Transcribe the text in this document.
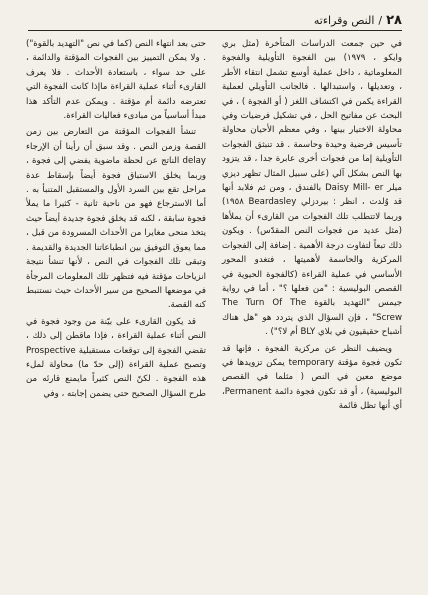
٢٨
/
النص وقراءته

في حين جمعت الدراسات المتأخرة (مثل بري وايكو ، ١٩٧٩) بين الفجوة التأويلية والفجوة المعلوماتية ، داخل عملية أوسع تشمل انتقاء الأطر ، وتعديلها ، واستبدالها . فالجانب التأويلي لعملية القراءة يكمن في اكتشاف اللغز ( أو الفجوة ) ، في البحث عن مفاتيح الحل ، في تشكيل فرضيات وفي محاولة الاختيار بينها ، وفي معظم الأحيان محاولة تأسيس فرضية وحيدة وحاسمة . قد تنبثق الفجوات التأويلية إما من فجوات أخرى عابرة جدا ، قد يتزود بها النص بشكل آلي (على سبيل المثال تظهر ديزي ميلر Daisy Mill- er بالفندق ، ومن ثم فلابد أنها قد وُلدت ، انظر : بيردزلي Beardasley ١٩٥٨) وربما لاتتطلب تلك الفجوات من القارىء أن يملأها (مثل عديد من فجوات النص المقدّس) . ويكون ذلك تبعاً لتفاوت درجة الأهمية . إضافة إلى الفجوات المركزية والحاسمة لأهميتها ، فتغدو المحور الأساسي في عملية القراءة (كالفجوة الحيوية في القصص البوليسية : "من فعلها ؟" ، أما في رواية جيمس "التهديد بالقوة The Turn Of The Screw" ، فإن السؤال الذي يتردد هو "هل هناك أشباح حقيقيون في بلاي BLY أم لا؟") .

ويضيف النظر عن مركزية الفجوة ، فإنها قد تكون فجوة مؤقتة temporary يمكن تزويدها في موضع معين في النص ( مثلما في القصص البوليسية) ، أو قد تكون فجوة دائمة Permanent، أي أنها تظل قائمة

حتى بعد انتهاء النص (كما في نص "التهديد بالقوة") . ولا يمكن التمييز بين الفجوات المؤقتة والدائمة ، على حد سواء ، باستعادة الأحداث . فلا يعرف القارىء أثناء عملية القراءة ماإذا كانت الفجوة التي تعترضه دائمة أم مؤقتة . ويمكن عدم التأكد هذا مبدأ أساسياً من مبادىء فعاليات القراءة.

تنشأ الفجوات المؤقتة من التعارض بين زمن القصة وزمن النص . وقد سبق أن رأينا أن الإرجاء delay الناتج عن لحظة ماضوية يفضي إلى فجوة ، وربما يخلق الاستباق فجوة أيضاً بإسقاط عدة مراحل تقع بين السرد الأول والمستقبل المتنبأ به . أما الاسترجاع فهو من ناحية ثانية - كثيرا ما يملأ فجوة سابقة ، لكنه قد يخلق فجوة جديدة أيضاً حيث يتخذ منحى مغايرا من الأحداث المسرودة من قبل ، مما يعوق التوفيق بين انطباعاتنا الجديدة والقديمة . وتبقى تلك الفجوات في النص ، لأنها تنشأ نتيجة انزياحات مؤقتة فيه فتظهر تلك المعلومات المرجأة في موضعها الصحيح من سير الأحداث حيث نستنبط كنه القصة.

قد يكون القارىء على بيّنة من وجود فجوة في النص أثناء عملية القراءة ، فإذا ماقطن إلى ذلك ، تقضي الفجوة إلى توقعات مستقبلية Prospective وتصبح عملية القراءة (إلى حدّ ما) محاولة لملء هذه الفجوة . لكنّ النص كثيراً مايمنع قارئه من طرح السؤال الصحيح حتى يضمن إجابته ، وفي
